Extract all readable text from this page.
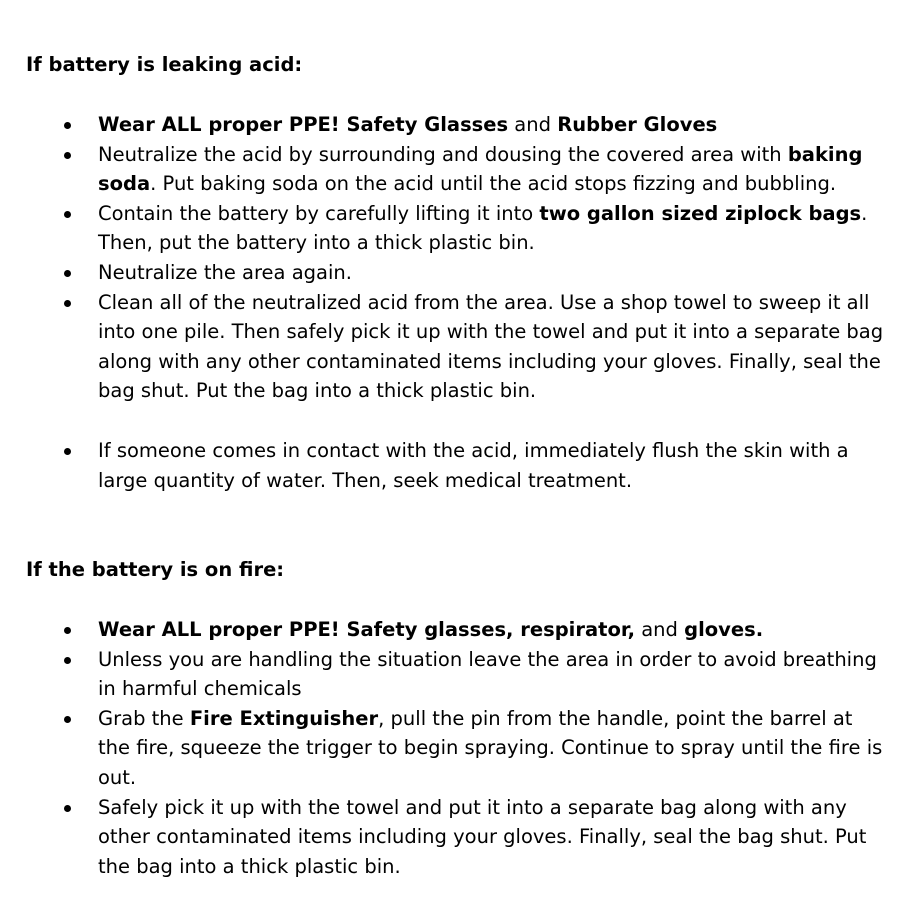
If battery is leaking acid:
Wear ALL proper PPE! Safety Glasses and Rubber Gloves
Neutralize the acid by surrounding and dousing the covered area with baking soda. Put baking soda on the acid until the acid stops fizzing and bubbling.
Contain the battery by carefully lifting it into two gallon sized ziplock bags. Then, put the battery into a thick plastic bin.
Neutralize the area again.
Clean all of the neutralized acid from the area. Use a shop towel to sweep it all into one pile. Then safely pick it up with the towel and put it into a separate bag along with any other contaminated items including your gloves. Finally, seal the bag shut. Put the bag into a thick plastic bin.
If someone comes in contact with the acid, immediately flush the skin with a large quantity of water. Then, seek medical treatment.
If the battery is on fire:
Wear ALL proper PPE! Safety glasses, respirator, and gloves.
Unless you are handling the situation leave the area in order to avoid breathing in harmful chemicals
Grab the Fire Extinguisher, pull the pin from the handle, point the barrel at the fire, squeeze the trigger to begin spraying. Continue to spray until the fire is out.
Safely pick it up with the towel and put it into a separate bag along with any other contaminated items including your gloves. Finally, seal the bag shut. Put the bag into a thick plastic bin.
